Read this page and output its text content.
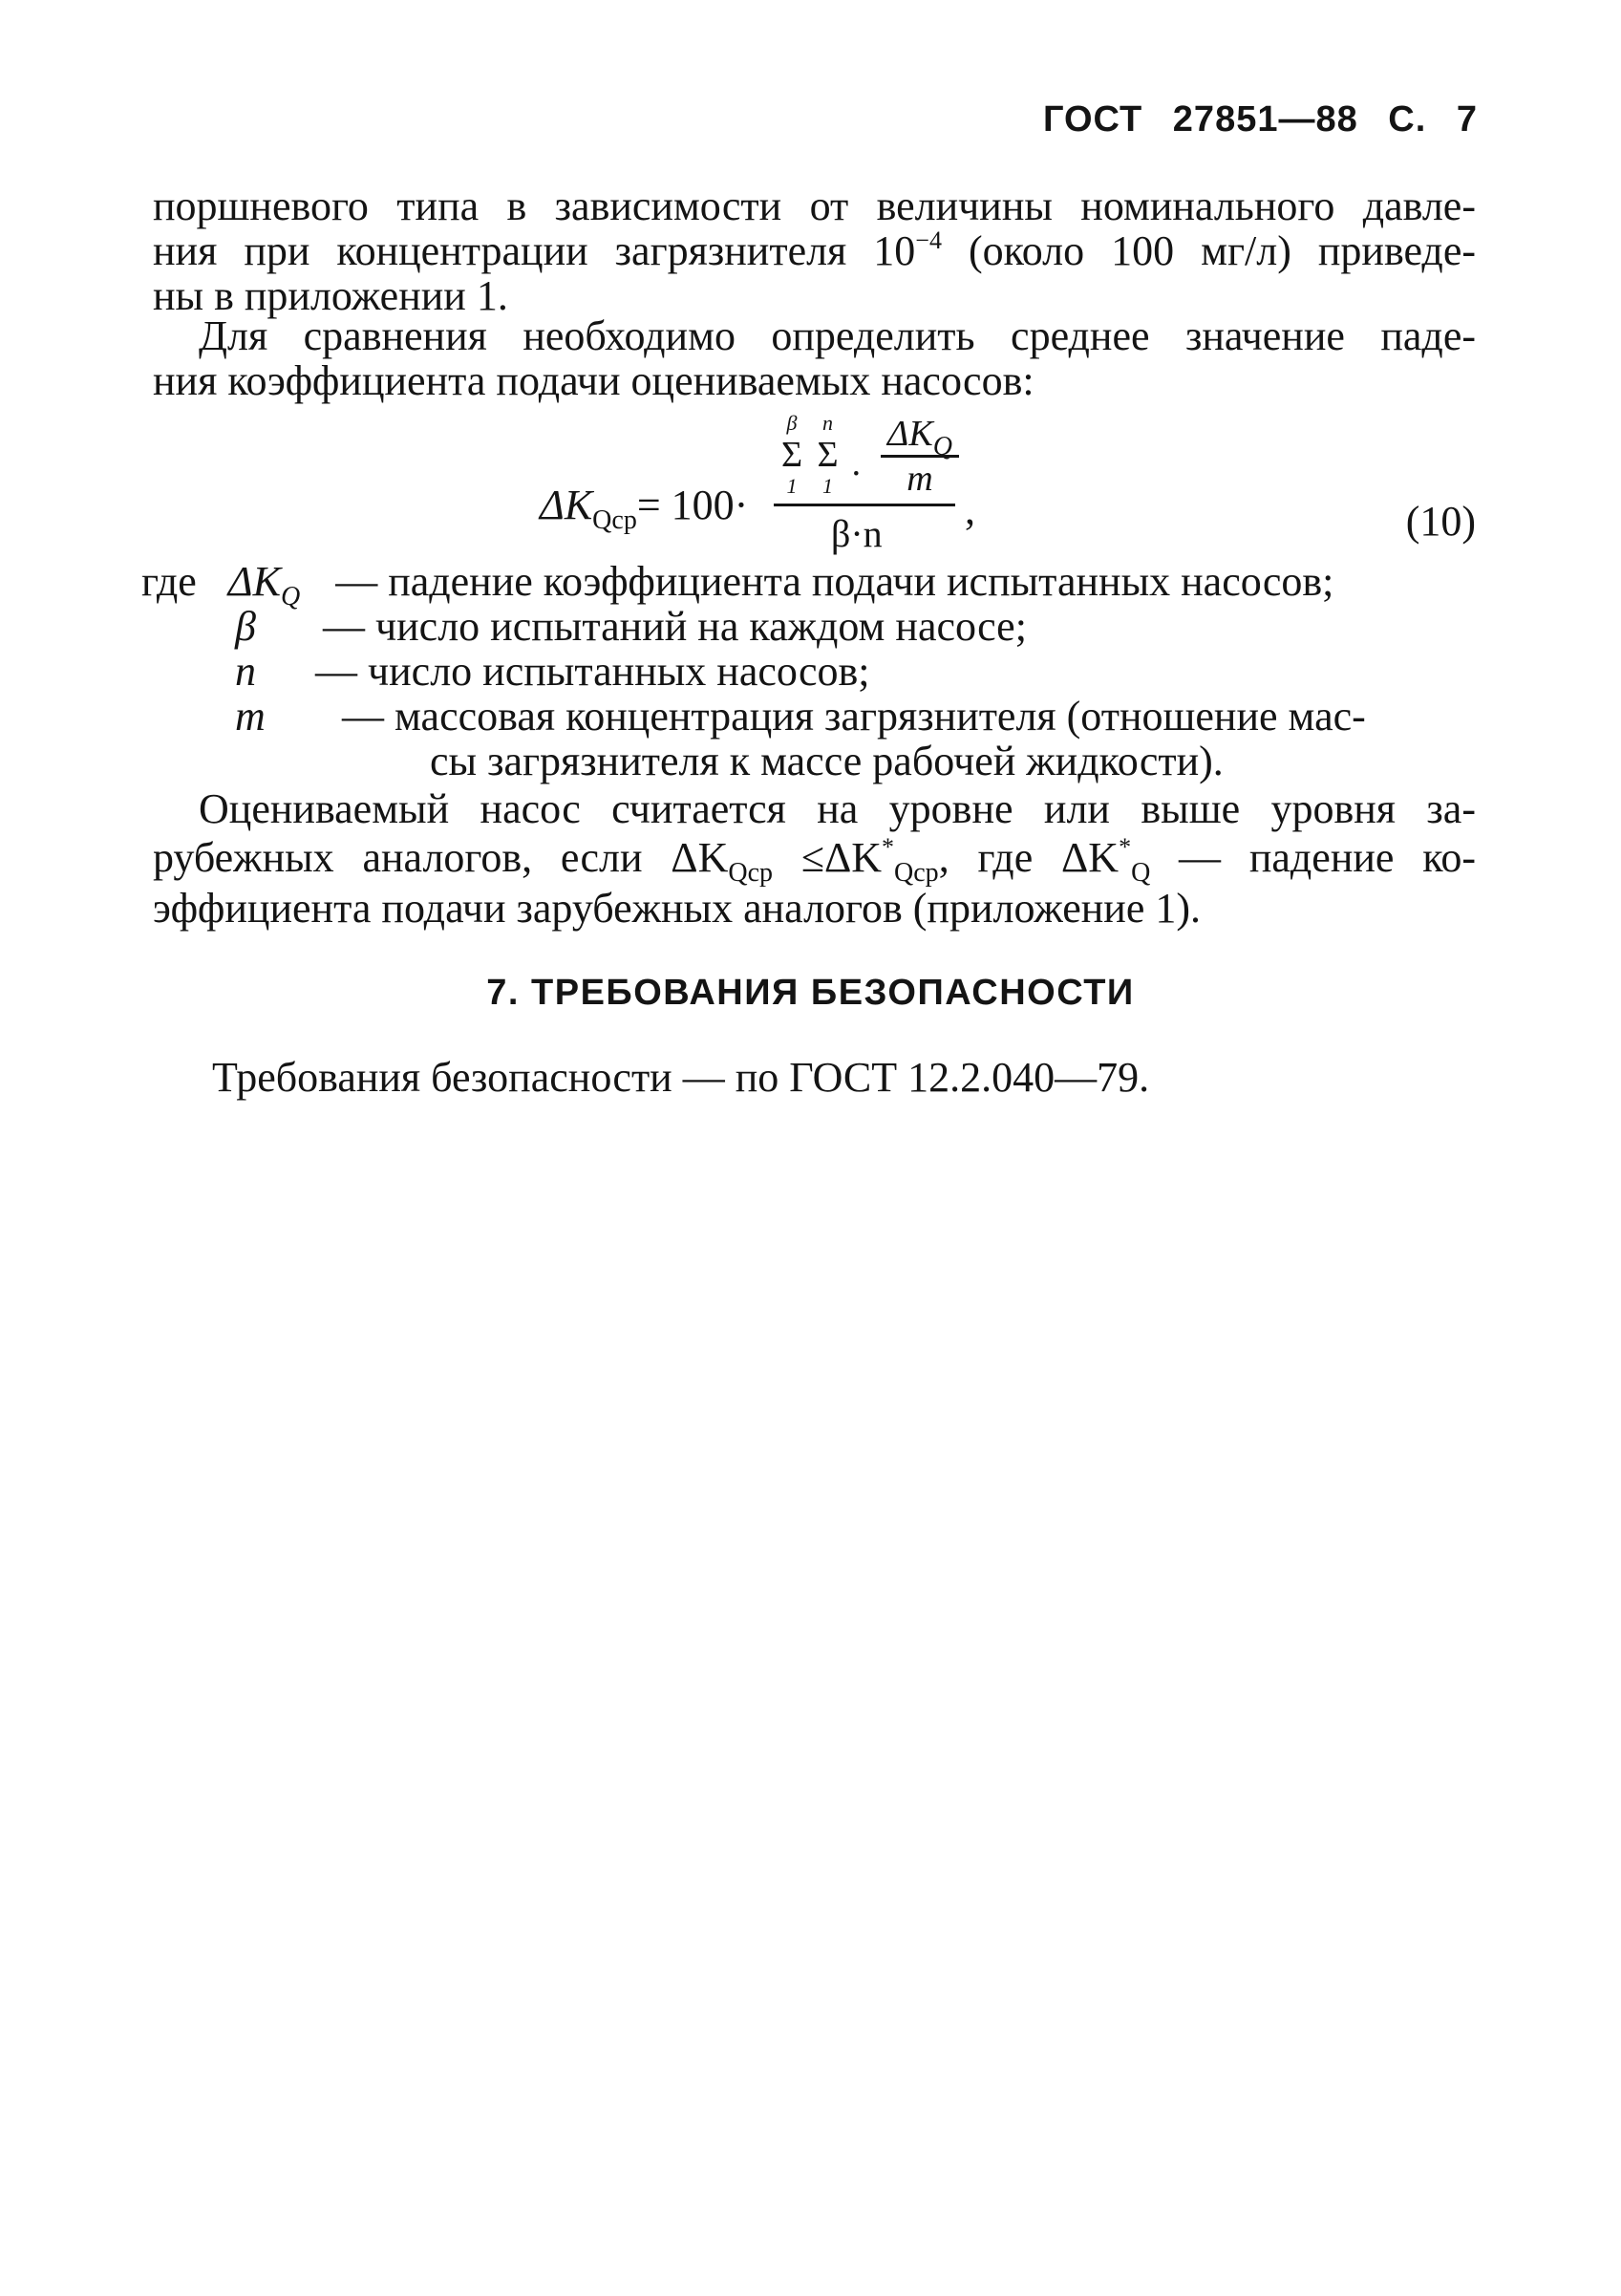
ГОСТ 27851—88 С. 7
поршневого типа в зависимости от величины номинального давле-
ния при концентрации загрязнителя $10^{-4}$ (около 100 мг/л) приведе-
ны в приложении 1.
Для сравнения необходимо определить среднее значение паде-
ния коэффициента подачи оцениваемых насосов:
$\Delta K_{Qср}= 100\cdot$
β
Σ
1

n
Σ
1 ·
$\Delta K_Q$
m
β·n
,	(10)
где $\Delta K_Q$ — падение коэффициента подачи испытанных насосов;
β — число испытаний на каждом насосе;
n — число испытанных насосов;
m — массовая концентрация загрязнителя (отношение мас-
сы загрязнителя к массе рабочей жидкости).
Оцениваемый насос считается на уровне или выше уровня за-
рубежных аналогов, если $\Delta K_{Qср} \le\Delta K^*_{Qср}$, где $\Delta K^*_Q$ — падение ко-
эффициента подачи зарубежных аналогов (приложение 1).
7. ТРЕБОВАНИЯ БЕЗОПАСНОСТИ
Требования безопасности — по ГОСТ 12.2.040—79.
